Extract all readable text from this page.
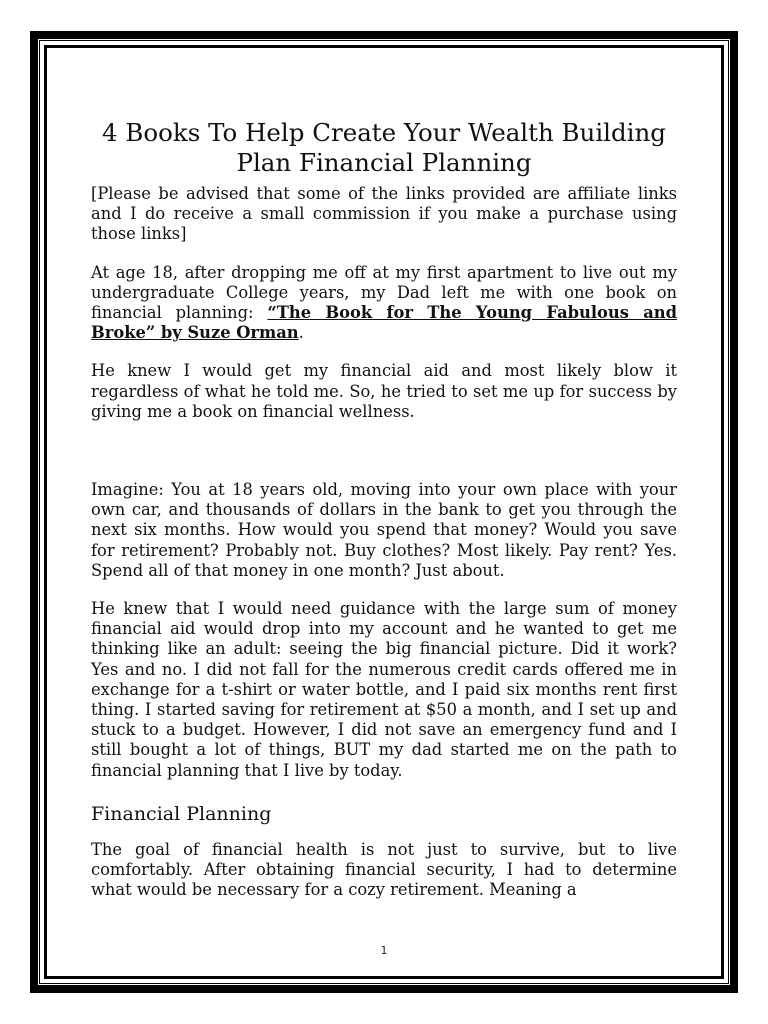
4 Books To Help Create Your Wealth Building Plan Financial Planning

[Please be advised that some of the links provided are affiliate links and I do receive a small commission if you make a purchase using those links]

At age 18, after dropping me off at my first apartment to live out my undergraduate College years, my Dad left me with one book on financial planning: “The Book for The Young Fabulous and Broke” by Suze Orman.

He knew I would get my financial aid and most likely blow it regardless of what he told me. So, he tried to set me up for success by giving me a book on financial wellness.

Imagine: You at 18 years old, moving into your own place with your own car, and thousands of dollars in the bank to get you through the next six months. How would you spend that money? Would you save for retirement? Probably not. Buy clothes? Most likely. Pay rent? Yes. Spend all of that money in one month? Just about.

He knew that I would need guidance with the large sum of money financial aid would drop into my account and he wanted to get me thinking like an adult: seeing the big financial picture. Did it work? Yes and no. I did not fall for the numerous credit cards offered me in exchange for a t-shirt or water bottle, and I paid six months rent first thing. I started saving for retirement at $50 a month, and I set up and stuck to a budget. However, I did not save an emergency fund and I still bought a lot of things, BUT my dad started me on the path to financial planning that I live by today.

Financial Planning

The goal of financial health is not just to survive, but to live comfortably. After obtaining financial security, I had to determine what would be necessary for a cozy retirement. Meaning a

1
